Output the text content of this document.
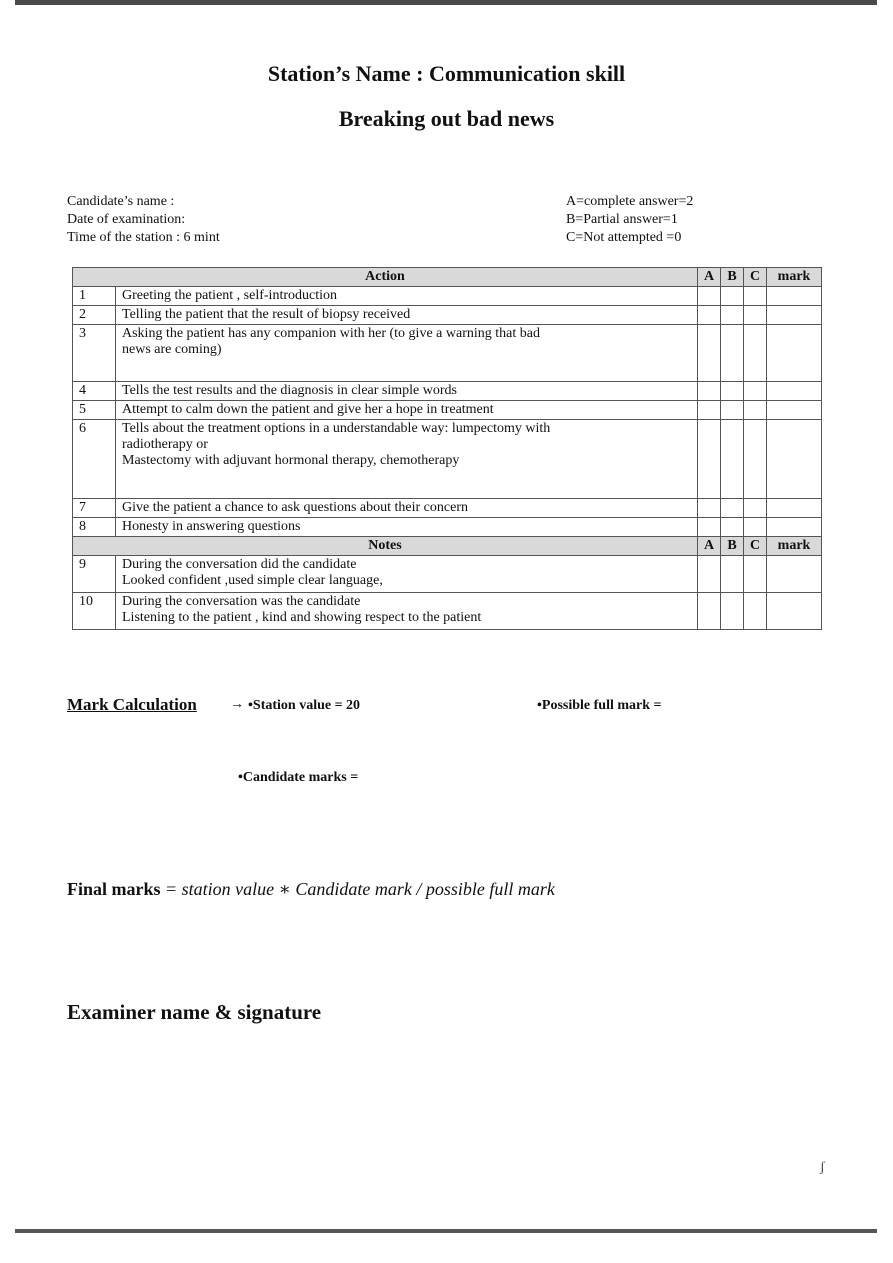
Station’s Name : Communication skill
Breaking out bad news
Candidate’s name :
Date of examination:
Time of the station : 6 mint
A=complete answer=2
B=Partial answer=1
C=Not attempted =0
Action		A	B	C	mark
1	Greeting the patient , self-introduction				
2	Telling the patient that the result of biopsy received				
3	Asking the patient has any companion with her (to give a warning that bad
news are coming)				

4	Tells the test results and the diagnosis in clear simple words				
5	Attempt to calm down the patient and give her a hope in treatment				
6	Tells about the treatment options in a understandable way: lumpectomy with
radiotherapy or
Mastectomy with adjuvant hormonal therapy, chemotherapy				

7	Give the patient a chance to ask questions about their concern				
8	Honesty in answering questions				
Notes		A	B	C	mark
9	During the conversation did the candidate
Looked confident ,used simple clear language,				

10	During the conversation was the candidate
Listening to the patient , kind and showing respect to the patient				

Mark Calculation → •Station value = 20	•Possible full mark =
•Candidate marks =
Final marks = station value ∗ Candidate mark / possible full mark
Examiner name & signature
ʃ
